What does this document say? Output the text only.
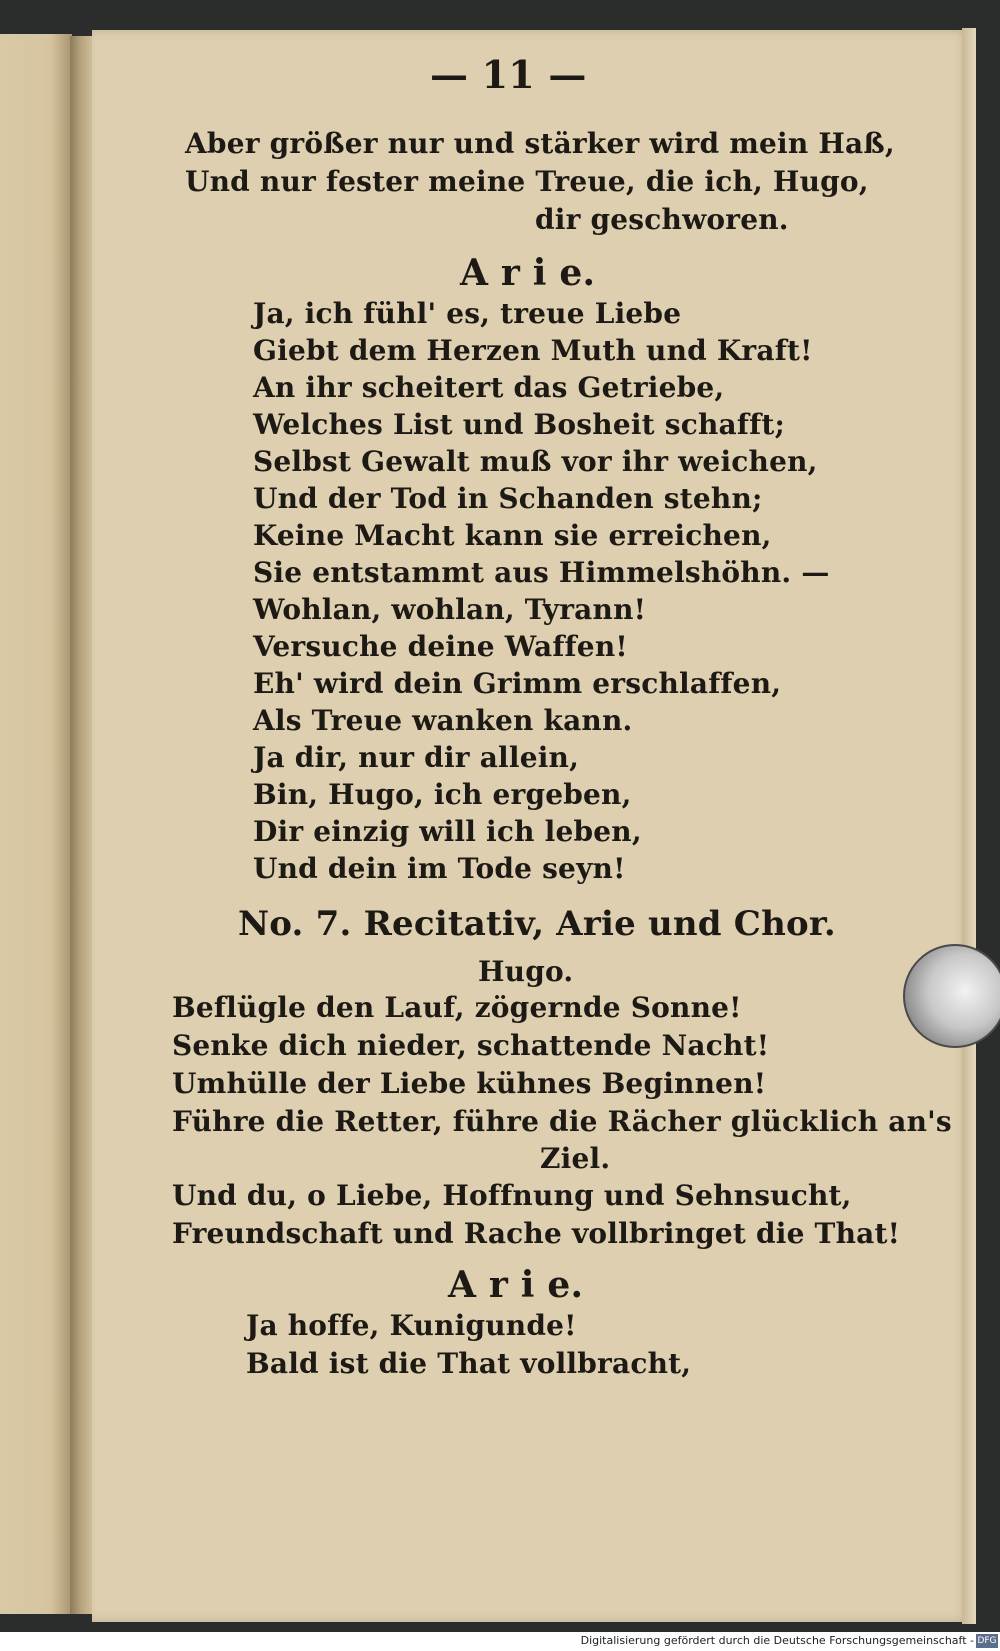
— 11 —
Aber größer nur und stärker wird mein Haß,
Und nur fester meine Treue, die ich, Hugo,
dir geschworen.
A r i e.
Ja, ich fühl' es, treue Liebe
Giebt dem Herzen Muth und Kraft!
An ihr scheitert das Getriebe,
Welches List und Bosheit schafft;
Selbst Gewalt muß vor ihr weichen,
Und der Tod in Schanden stehn;
Keine Macht kann sie erreichen,
Sie entstammt aus Himmelshöhn. —
Wohlan, wohlan, Tyrann!
Versuche deine Waffen!
Eh' wird dein Grimm erschlaffen,
Als Treue wanken kann.
Ja dir, nur dir allein,
Bin, Hugo, ich ergeben,
Dir einzig will ich leben,
Und dein im Tode seyn!
No. 7. Recitativ, Arie und Chor.
Hugo.
Beflügle den Lauf, zögernde Sonne!
Senke dich nieder, schattende Nacht!
Umhülle der Liebe kühnes Beginnen!
Führe die Retter, führe die Rächer glücklich an's
Ziel.
Und du, o Liebe, Hoffnung und Sehnsucht,
Freundschaft und Rache vollbringet die That!
A r i e.
Ja hoffe, Kunigunde!
Bald ist die That vollbracht,
Digitalisierung gefördert durch die Deutsche Forschungsgemeinschaft - DFG
